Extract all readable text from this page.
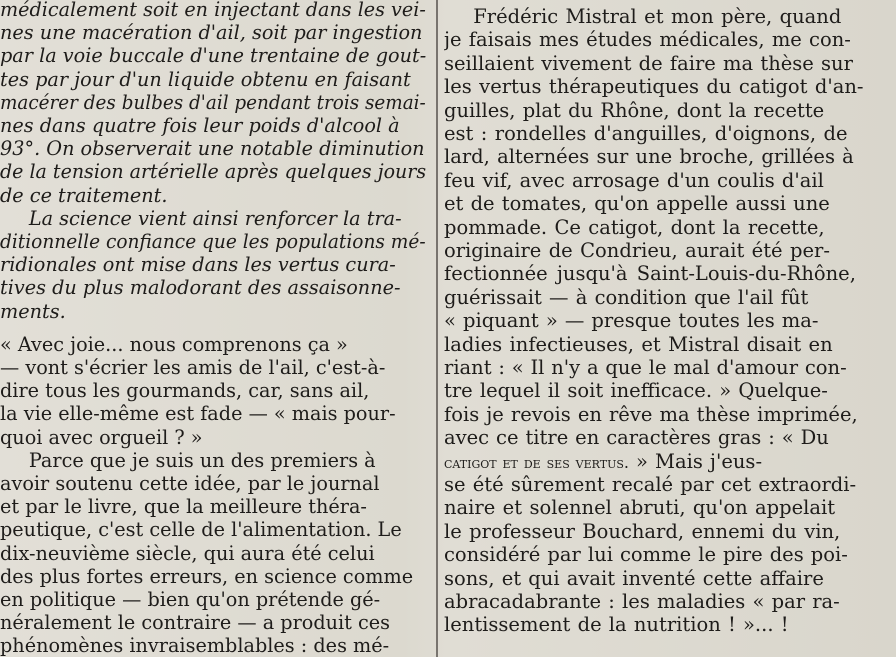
médicalement soit en injectant dans les vei-
nes une macération d'ail, soit par ingestion
par la voie buccale d'une trentaine de gout-
tes par jour d'un liquide obtenu en faisant
macérer des bulbes d'ail pendant trois semai-
nes dans quatre fois leur poids d'alcool à
93°. On observerait une notable diminution
de la tension artérielle après quelques jours
de ce traitement.
  La science vient ainsi renforcer la tra-
ditionnelle confiance que les populations mé-
ridionales ont mise dans les vertus cura-
tives du plus malodorant des assaisonne-
ments.
« Avec joie... nous comprenons ça »
— vont s'écrier les amis de l'ail, c'est-à-
dire tous les gourmands, car, sans ail,
la vie elle-même est fade — « mais pour-
quoi avec orgueil ? »
  Parce que je suis un des premiers à
avoir soutenu cette idée, par le journal
et par le livre, que la meilleure théra-
peutique, c'est celle de l'alimentation. Le
dix-neuvième siècle, qui aura été celui
des plus fortes erreurs, en science comme
en politique — bien qu'on prétende gé-
néralement le contraire — a produit ces
phénomènes invraisemblables : des mé-
  Frédéric Mistral et mon père, quand
je faisais mes études médicales, me con-
seillaient vivement de faire ma thèse sur
les vertus thérapeutiques du catigot d'an-
guilles, plat du Rhône, dont la recette
est : rondelles d'anguilles, d'oignons, de
lard, alternées sur une broche, grillées à
feu vif, avec arrosage d'un coulis d'ail
et de tomates, qu'on appelle aussi une
pommade. Ce catigot, dont la recette,
originaire de Condrieu, aurait été per-
fectionnée jusqu'à Saint-Louis-du-Rhône,
guérissait — à condition que l'ail fût
« piquant » — presque toutes les ma-
ladies infectieuses, et Mistral disait en
riant : « Il n'y a que le mal d'amour con-
tre lequel il soit inefficace. » Quelque-
fois je revois en rêve ma thèse imprimée,
avec ce titre en caractères gras : « Du
catigot et de ses vertus. » Mais j'eus-
se été sûrement recalé par cet extraordi-
naire et solennel abruti, qu'on appelait
le professeur Bouchard, ennemi du vin,
considéré par lui comme le pire des poi-
sons, et qui avait inventé cette affaire
abracadabrante : les maladies « par ra-
lentissement de la nutrition ! »... !
